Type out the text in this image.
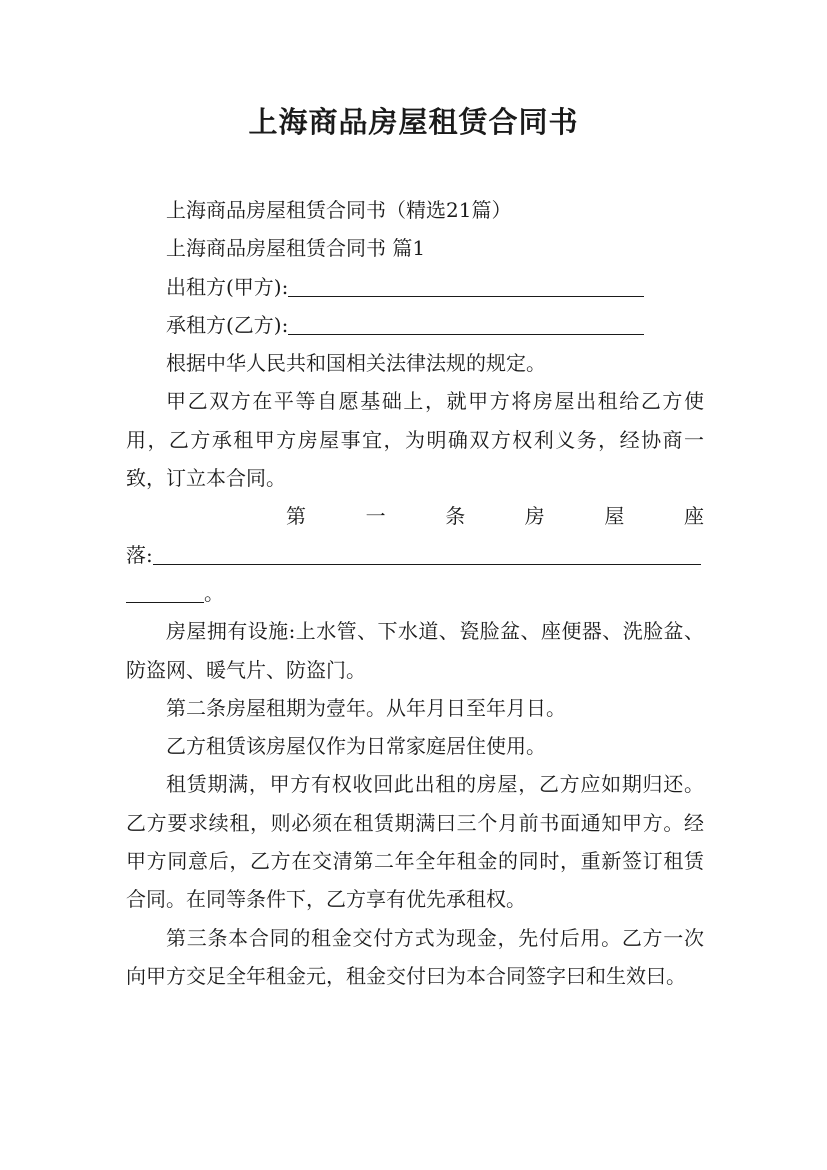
上海商品房屋租赁合同书

上海商品房屋租赁合同书（精选21篇）

上海商品房屋租赁合同书 篇1

出租方(甲方):

承租方(乙方):

根据中华人民共和国相关法律法规的规定。

甲乙双方在平等自愿基础上，就甲方将房屋出租给乙方使用，乙方承租甲方房屋事宜，为明确双方权利义务，经协商一致，订立本合同。

第	一	条	房	屋	座

落:

。

房屋拥有设施:上水管、下水道、瓷脸盆、座便器、洗脸盆、防盗网、暖气片、防盗门。

第二条房屋租期为壹年。从年月日至年月日。

乙方租赁该房屋仅作为日常家庭居住使用。

租赁期满，甲方有权收回此出租的房屋，乙方应如期归还。乙方要求续租，则必须在租赁期满曰三个月前书面通知甲方。经甲方同意后，乙方在交清第二年全年租金的同时，重新签订租赁合同。在同等条件下，乙方享有优先承租权。

第三条本合同的租金交付方式为现金，先付后用。乙方一次向甲方交足全年租金元，租金交付曰为本合同签字曰和生效曰。
